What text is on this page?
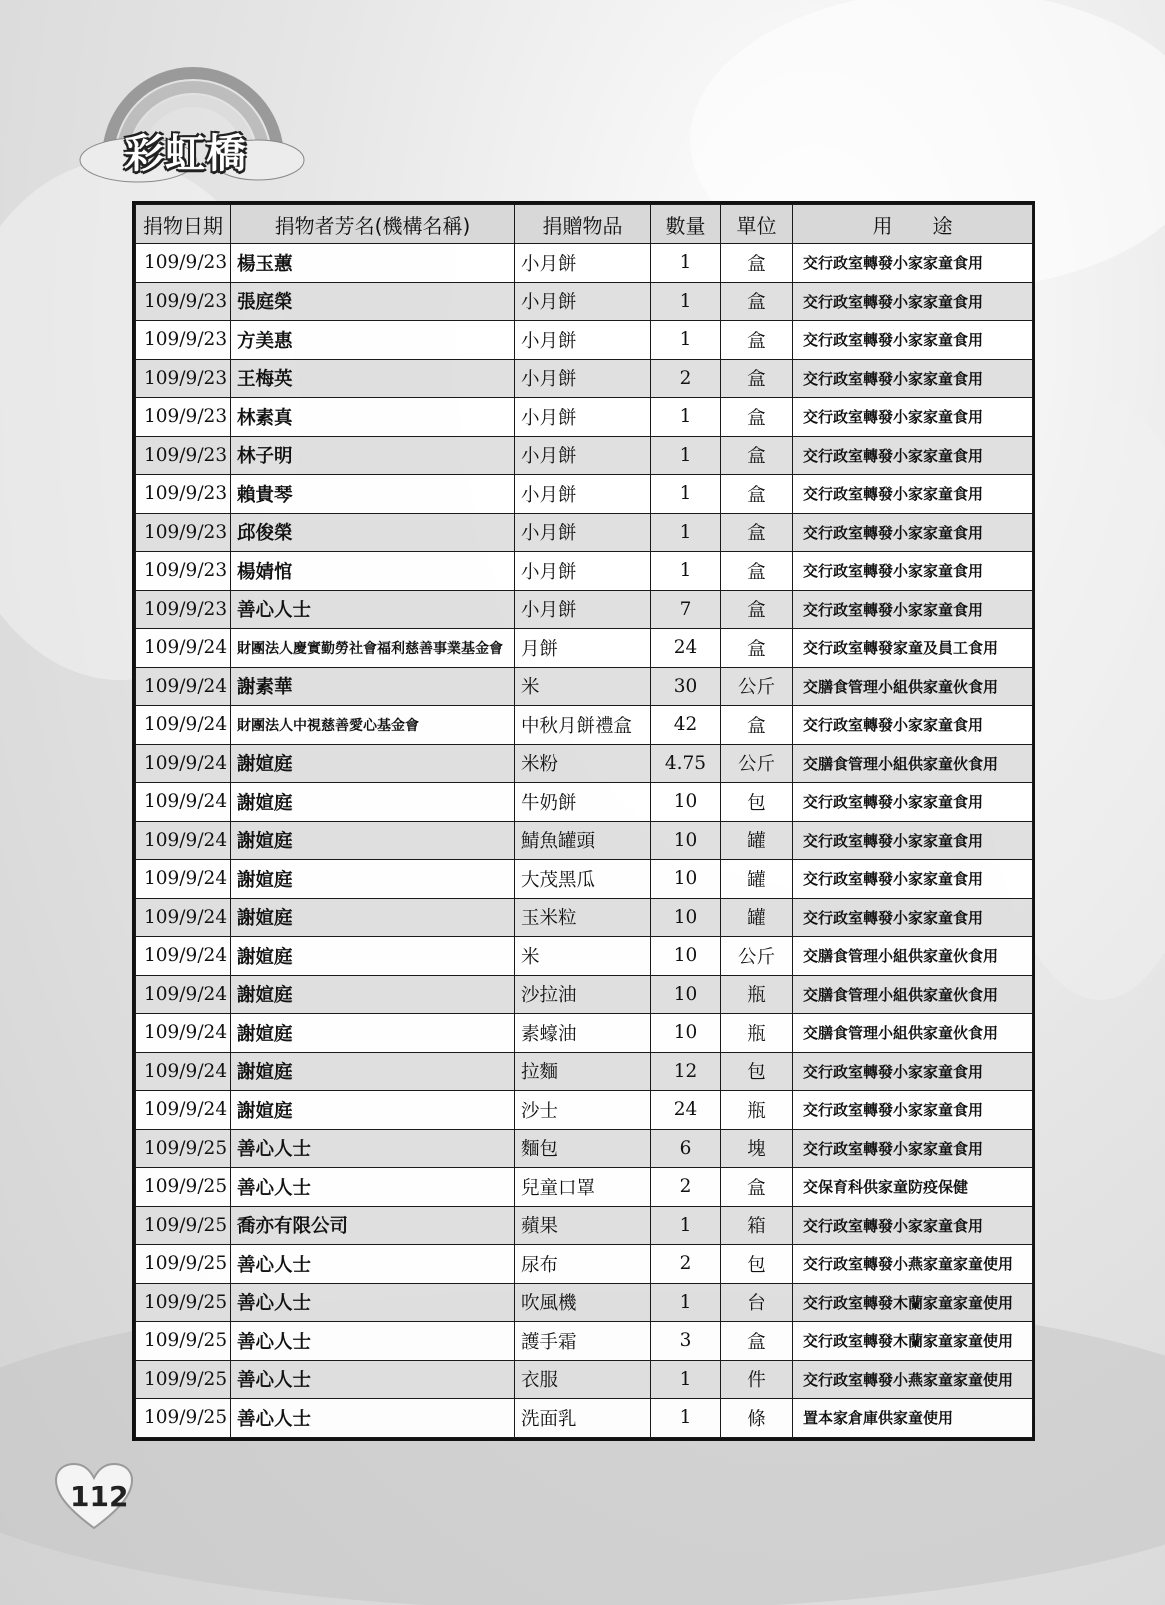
彩虹橋
捐物日期	捐物者芳名(機構名稱)	捐贈物品	數量	單位	用　　途
109/9/23	楊玉蕙	小月餅	1	盒	交行政室轉發小家家童食用
109/9/23	張庭榮	小月餅	1	盒	交行政室轉發小家家童食用
109/9/23	方美惠	小月餅	1	盒	交行政室轉發小家家童食用
109/9/23	王梅英	小月餅	2	盒	交行政室轉發小家家童食用
109/9/23	林素真	小月餅	1	盒	交行政室轉發小家家童食用
109/9/23	林子明	小月餅	1	盒	交行政室轉發小家家童食用
109/9/23	賴貴琴	小月餅	1	盒	交行政室轉發小家家童食用
109/9/23	邱俊榮	小月餅	1	盒	交行政室轉發小家家童食用
109/9/23	楊婧悺	小月餅	1	盒	交行政室轉發小家家童食用
109/9/23	善心人士	小月餅	7	盒	交行政室轉發小家家童食用
109/9/24	財團法人慶實勤勞社會福利慈善事業基金會	月餅	24	盒	交行政室轉發家童及員工食用
109/9/24	謝素華	米	30	公斤	交膳食管理小組供家童伙食用
109/9/24	財團法人中視慈善愛心基金會	中秋月餅禮盒	42	盒	交行政室轉發小家家童食用
109/9/24	謝媗庭	米粉	4.75	公斤	交膳食管理小組供家童伙食用
109/9/24	謝媗庭	牛奶餅	10	包	交行政室轉發小家家童食用
109/9/24	謝媗庭	鯖魚罐頭	10	罐	交行政室轉發小家家童食用
109/9/24	謝媗庭	大茂黑瓜	10	罐	交行政室轉發小家家童食用
109/9/24	謝媗庭	玉米粒	10	罐	交行政室轉發小家家童食用
109/9/24	謝媗庭	米	10	公斤	交膳食管理小組供家童伙食用
109/9/24	謝媗庭	沙拉油	10	瓶	交膳食管理小組供家童伙食用
109/9/24	謝媗庭	素蠔油	10	瓶	交膳食管理小組供家童伙食用
109/9/24	謝媗庭	拉麵	12	包	交行政室轉發小家家童食用
109/9/24	謝媗庭	沙士	24	瓶	交行政室轉發小家家童食用
109/9/25	善心人士	麵包	6	塊	交行政室轉發小家家童食用
109/9/25	善心人士	兒童口罩	2	盒	交保育科供家童防疫保健
109/9/25	喬亦有限公司	蘋果	1	箱	交行政室轉發小家家童食用
109/9/25	善心人士	尿布	2	包	交行政室轉發小燕家童家童使用
109/9/25	善心人士	吹風機	1	台	交行政室轉發木蘭家童家童使用
109/9/25	善心人士	護手霜	3	盒	交行政室轉發木蘭家童家童使用
109/9/25	善心人士	衣服	1	件	交行政室轉發小燕家童家童使用
109/9/25	善心人士	洗面乳	1	條	置本家倉庫供家童使用
112
